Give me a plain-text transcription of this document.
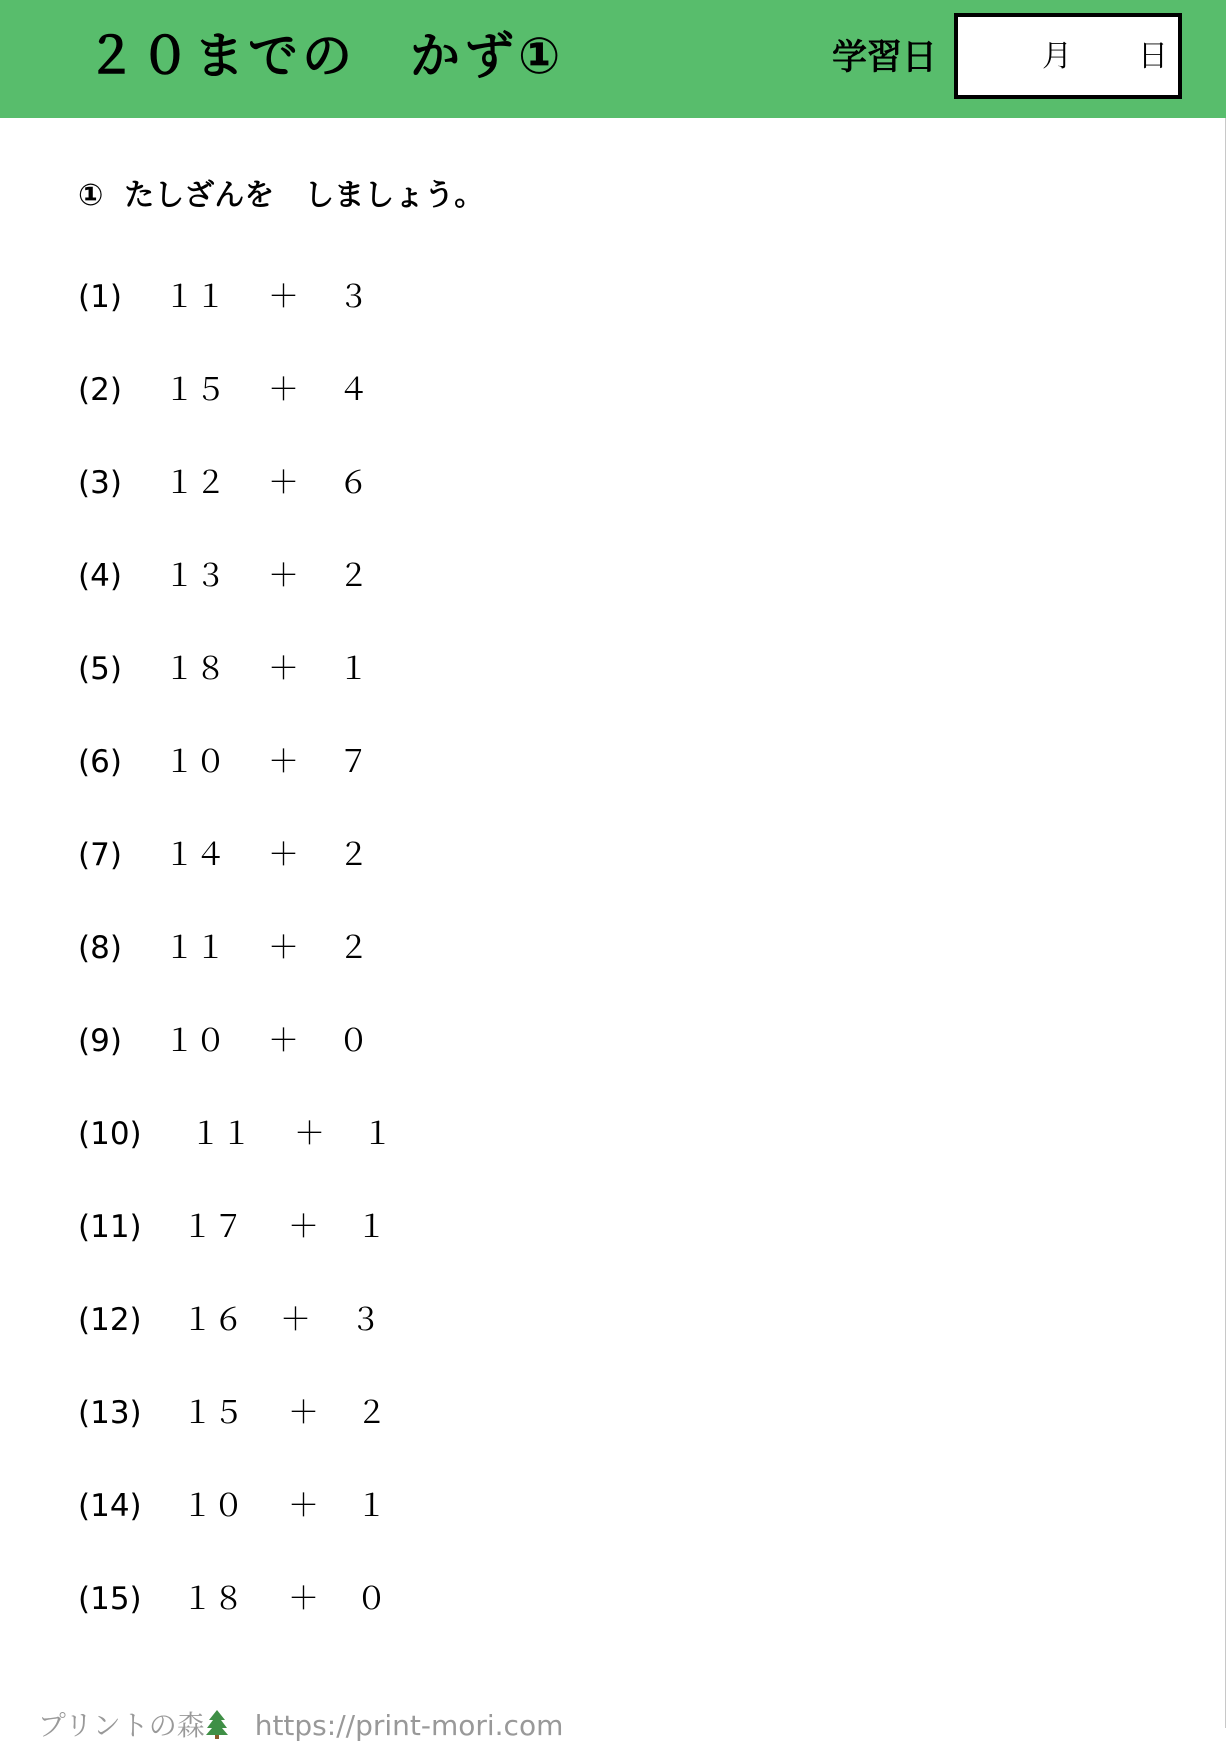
２０までの　かず①	学習日	月 日
①  たしざんを　しましょう。
(1) １１ ＋ ３
(2) １５ ＋ ４
(3) １２ ＋ ６
(4) １３ ＋ ２
(5) １８ ＋ １
(6) １０ ＋ ７
(7) １４ ＋ ２
(8) １１ ＋ ２
(9) １０ ＋ ０
(10) １１ ＋ １
(11) １７ ＋ １
(12) １６ ＋ ３
(13) １５ ＋ ２
(14) １０ ＋ １
(15) １８ ＋ ０

プリントの森 https://print-mori.com
